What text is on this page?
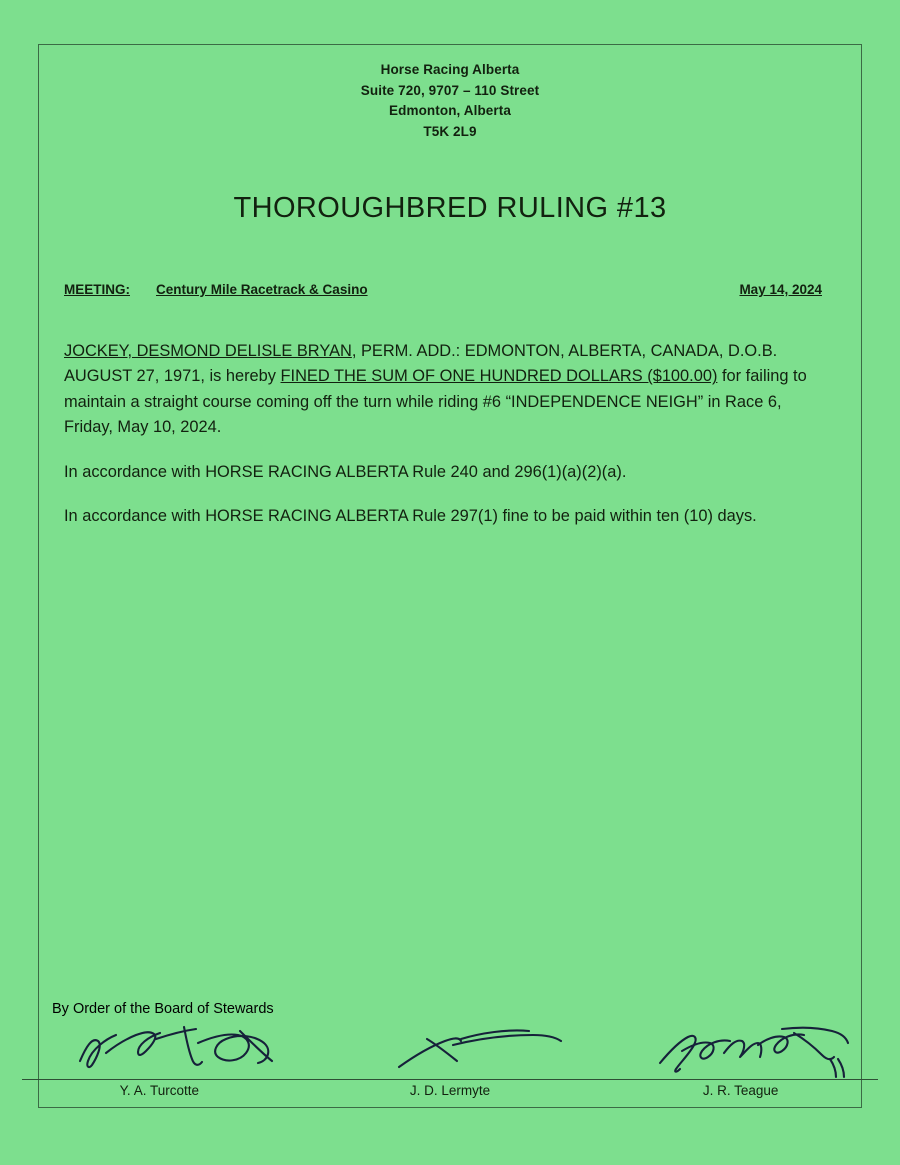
Horse Racing Alberta
Suite 720, 9707 – 110 Street
Edmonton, Alberta
T5K 2L9
THOROUGHBRED RULING #13
MEETING: Century Mile Racetrack & Casino	May 14, 2024

JOCKEY, DESMOND DELISLE BRYAN, PERM. ADD.: EDMONTON, ALBERTA, CANADA, D.O.B. AUGUST 27, 1971, is hereby FINED THE SUM OF ONE HUNDRED DOLLARS ($100.00) for failing to maintain a straight course coming off the turn while riding #6 “INDEPENDENCE NEIGH” in Race 6, Friday, May 10, 2024.

In accordance with HORSE RACING ALBERTA Rule 240 and 296(1)(a)(2)(a).

In accordance with HORSE RACING ALBERTA Rule 297(1) fine to be paid within ten (10) days.

By Order of the Board of Stewards
Y. A. Turcotte	J. D. Lermyte	J. R. Teague
